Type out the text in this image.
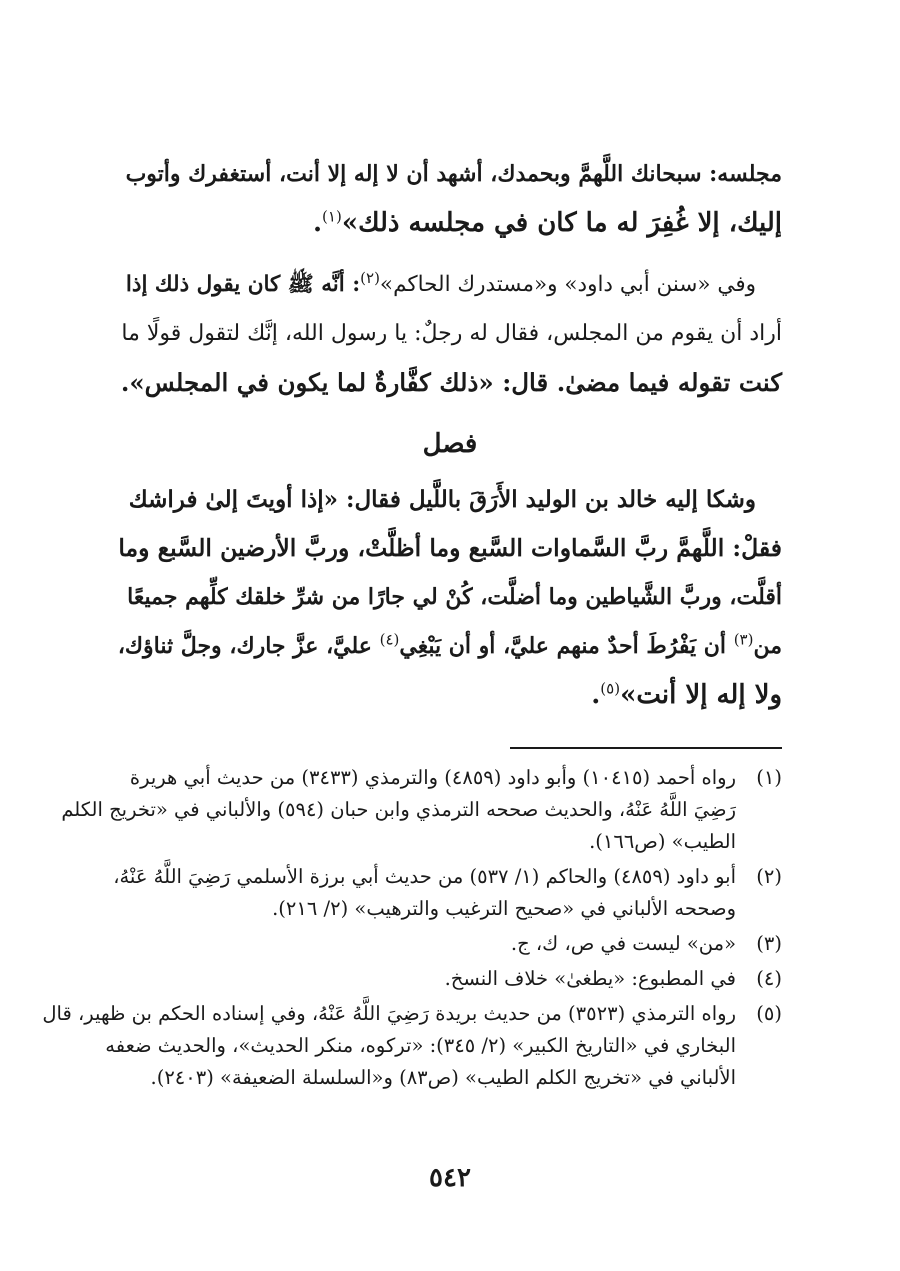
مجلسه: سبحانك اللَّهمَّ وبحمدك، أشهد أن لا إله إلا أنت، أستغفرك وأتوب

إليك، إلا غُفِرَ له ما كان في مجلسه ذلك»$^{(١)}$.

وفي «سنن أبي داود» و«مستدرك الحاكم»$^{(٢)}$: أنَّه ﷺ كان يقول ذلك إذا

أراد أن يقوم من المجلس، فقال له رجلٌ: يا رسول الله، إنَّك لتقول قولًا ما

كنت تقوله فيما مضىٰ. قال: «ذلك كفَّارةٌ لما يكون في المجلس».

فصل

وشكا إليه خالد بن الوليد الأَرَقَ باللَّيل فقال: «إذا أويتَ إلىٰ فراشك

فقلْ: اللَّهمَّ ربَّ السَّماوات السَّبع وما أظلَّتْ، وربَّ الأرضين السَّبع وما

أقلَّت، وربَّ الشَّياطين وما أضلَّت، كُنْ لي جارًا من شرِّ خلقك كلِّهم جميعًا

من$^{(٣)}$ أن يَفْرُطَ أحدٌ منهم عليَّ، أو أن يَبْغِي$^{(٤)}$ عليَّ، عزَّ جارك، وجلَّ ثناؤك،

ولا إله إلا أنت»$^{(٥)}$.

(١)
رواه أحمد (١٠٤١٥) وأبو داود (٤٨٥٩) والترمذي (٣٤٣٣) من حديث أبي هريرة
رَضِيَ اللَّهُ عَنْهُ، والحديث صححه الترمذي وابن حبان (٥٩٤) والألباني في «تخريج الكلم
الطيب» (ص١٦٦).
(٢)
أبو داود (٤٨٥٩) والحاكم (١/ ٥٣٧) من حديث أبي برزة الأسلمي رَضِيَ اللَّهُ عَنْهُ،
وصححه الألباني في «صحيح الترغيب والترهيب» (٢/ ٢١٦).
(٣)
«من» ليست في ص، ك، ج.
(٤)
في المطبوع: «يطغىٰ» خلاف النسخ.
(٥)
رواه الترمذي (٣٥٢٣) من حديث بريدة رَضِيَ اللَّهُ عَنْهُ، وفي إسناده الحكم بن ظهير، قال
البخاري في «التاريخ الكبير» (٢/ ٣٤٥): «تركوه، منكر الحديث»، والحديث ضعفه
الألباني في «تخريج الكلم الطيب» (ص٨٣) و«السلسلة الضعيفة» (٢٤٠٣).
٥٤٢
